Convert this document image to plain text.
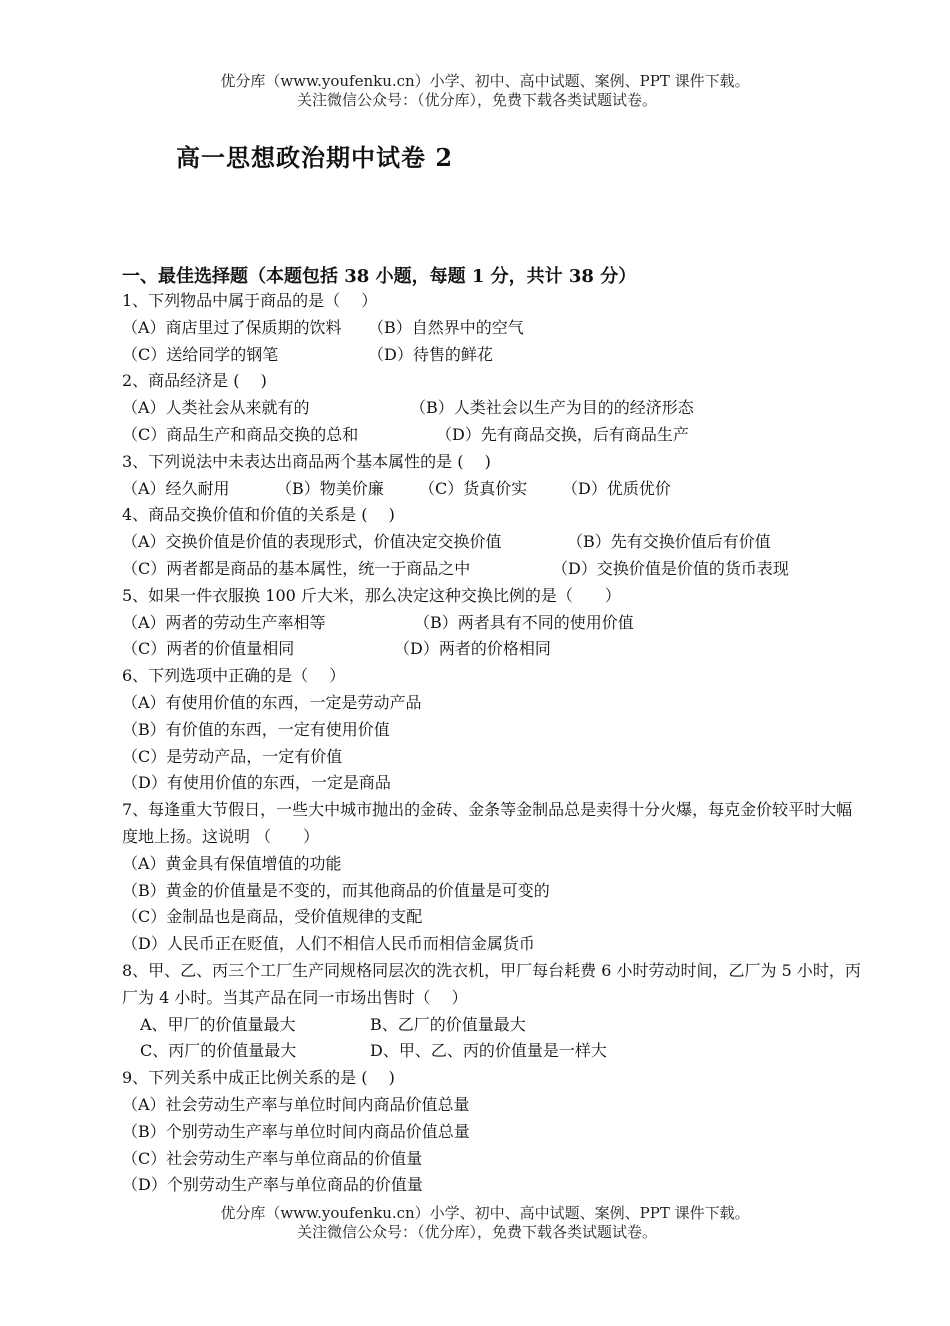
优分库（www.youfenku.cn）小学、初中、高中试题、案例、PPT 课件下载。
关注微信公众号：（优分库），免费下载各类试题试卷。
高一思想政治期中试卷 2
一、最佳选择题（本题包括 38 小题，每题 1 分，共计 38 分）
1、下列物品中属于商品的是（　 ）
（A）商店里过了保质期的饮料 （B）自然界中的空气
（C）送给同学的钢笔	（D）待售的鲜花
2、商品经济是 (　 )
（A）人类社会从来就有的	（B）人类社会以生产为目的的经济形态
（C）商品生产和商品交换的总和	（D）先有商品交换，后有商品生产
3、下列说法中未表达出商品两个基本属性的是 (　 )
（A）经久耐用	（B）物美价廉 （C）货真价实 （D）优质优价
4、商品交换价值和价值的关系是 (　 )
（A）交换价值是价值的表现形式，价值决定交换价值	（B）先有交换价值后有价值
（C）两者都是商品的基本属性，统一于商品之中	（D）交换价值是价值的货币表现
5、如果一件衣服换 100 斤大米，那么决定这种交换比例的是（　　）
（A）两者的劳动生产率相等	（B）两者具有不同的使用价值
（C）两者的价值量相同	（D）两者的价格相同
6、下列选项中正确的是（　 ）
（A）有使用价值的东西，一定是劳动产品
（B）有价值的东西，一定有使用价值
（C）是劳动产品，一定有价值
（D）有使用价值的东西，一定是商品
7、每逢重大节假日，一些大中城市抛出的金砖、金条等金制品总是卖得十分火爆，每克金价较平时大幅度地上扬。这说明 （　　）
（A）黄金具有保值增值的功能
（B）黄金的价值量是不变的，而其他商品的价值量是可变的
（C）金制品也是商品，受价值规律的支配
（D）人民币正在贬值，人们不相信人民币而相信金属货币
8、甲、乙、丙三个工厂生产同规格同层次的洗衣机，甲厂每台耗费 6 小时劳动时间，乙厂为 5 小时，丙厂为 4 小时。当其产品在同一市场出售时（　 ）
A、甲厂的价值量最大	B、乙厂的价值量最大
C、丙厂的价值量最大	D、甲、乙、丙的价值量是一样大
9、下列关系中成正比例关系的是 (　 )
（A）社会劳动生产率与单位时间内商品价值总量
（B）个别劳动生产率与单位时间内商品价值总量
（C）社会劳动生产率与单位商品的价值量
（D）个别劳动生产率与单位商品的价值量
优分库（www.youfenku.cn）小学、初中、高中试题、案例、PPT 课件下载。
关注微信公众号：（优分库），免费下载各类试题试卷。
